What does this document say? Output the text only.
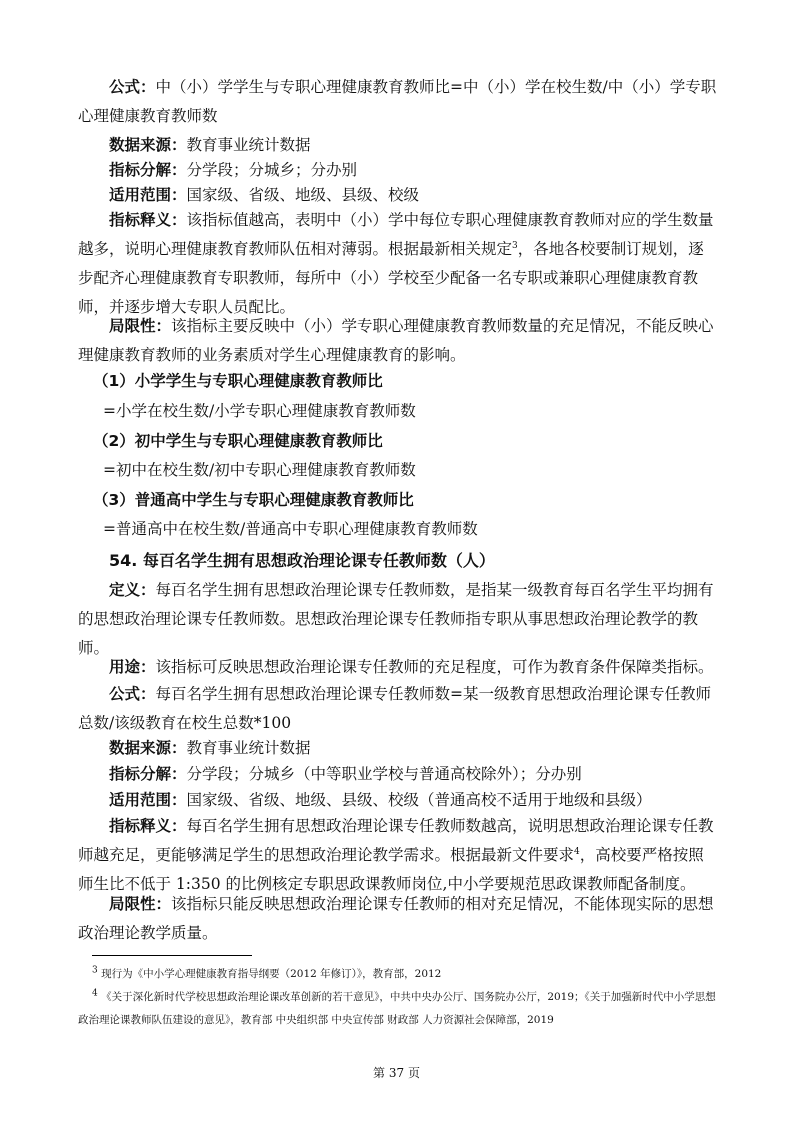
公式：中（小）学学生与专职心理健康教育教师比=中（小）学在校生数/中（小）学专职心理健康教育教师数

数据来源：教育事业统计数据

指标分解：分学段；分城乡；分办别

适用范围：国家级、省级、地级、县级、校级

指标释义：该指标值越高，表明中（小）学中每位专职心理健康教育教师对应的学生数量越多，说明心理健康教育教师队伍相对薄弱。根据最新相关规定$^3$，各地各校要制订规划，逐步配齐心理健康教育专职教师，每所中（小）学校至少配备一名专职或兼职心理健康教育教师，并逐步增大专职人员配比。

局限性：该指标主要反映中（小）学专职心理健康教育教师数量的充足情况，不能反映心理健康教育教师的业务素质对学生心理健康教育的影响。

（1）小学学生与专职心理健康教育教师比

=小学在校生数/小学专职心理健康教育教师数

（2）初中学生与专职心理健康教育教师比

=初中在校生数/初中专职心理健康教育教师数

（3）普通高中学生与专职心理健康教育教师比

=普通高中在校生数/普通高中专职心理健康教育教师数

54. 每百名学生拥有思想政治理论课专任教师数（人）

定义：每百名学生拥有思想政治理论课专任教师数，是指某一级教育每百名学生平均拥有的思想政治理论课专任教师数。思想政治理论课专任教师指专职从事思想政治理论教学的教师。

用途：该指标可反映思想政治理论课专任教师的充足程度，可作为教育条件保障类指标。

公式：每百名学生拥有思想政治理论课专任教师数=某一级教育思想政治理论课专任教师总数/该级教育在校生总数*100

数据来源：教育事业统计数据

指标分解：分学段；分城乡（中等职业学校与普通高校除外）；分办别

适用范围：国家级、省级、地级、县级、校级（普通高校不适用于地级和县级）

指标释义：每百名学生拥有思想政治理论课专任教师数越高，说明思想政治理论课专任教师越充足，更能够满足学生的思想政治理论教学需求。根据最新文件要求$^4$，高校要严格按照师生比不低于 1:350 的比例核定专职思政课教师岗位,中小学要规范思政课教师配备制度。

局限性：该指标只能反映思想政治理论课专任教师的相对充足情况，不能体现实际的思想政治理论教学质量。

$^3$ 现行为《中小学心理健康教育指导纲要（2012 年修订）》，教育部，2012

$^4$ 《关于深化新时代学校思想政治理论课改革创新的若干意见》，中共中央办公厅、国务院办公厅，2019；《关于加强新时代中小学思想政治理论课教师队伍建设的意见》，教育部 中央组织部 中央宣传部 财政部 人力资源社会保障部，2019

第 37 页
